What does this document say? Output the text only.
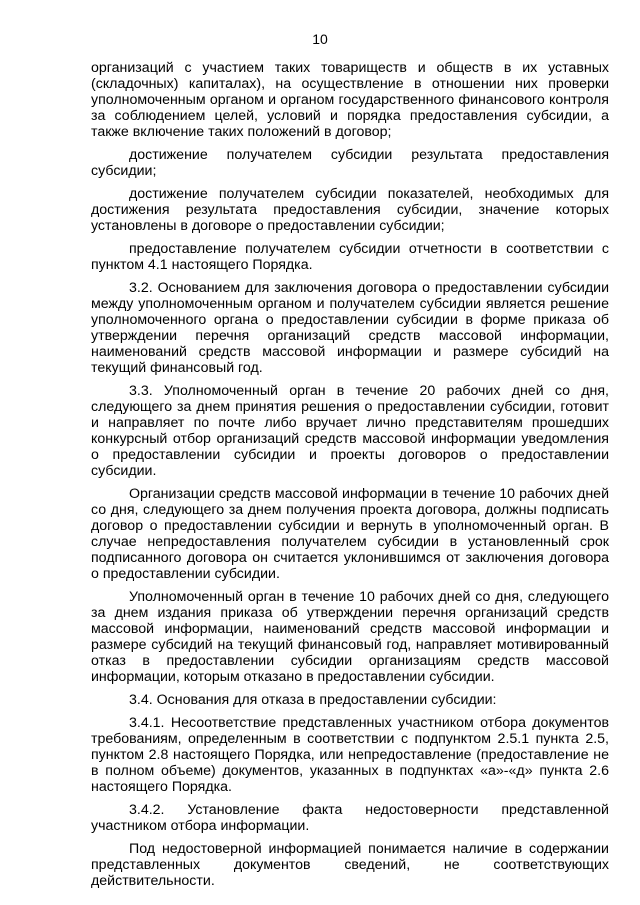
10

организаций с участием таких товариществ и обществ в их уставных (складочных) капиталах), на осуществление в отношении них проверки уполномоченным органом и органом государственного финансового контроля за соблюдением целей, условий и порядка предоставления субсидии, а также включение таких положений в договор;

достижение получателем субсидии результата предоставления субсидии;

достижение получателем субсидии показателей, необходимых для достижения результата предоставления субсидии, значение которых установлены в договоре о предоставлении субсидии;

предоставление получателем субсидии отчетности в соответствии с пунктом 4.1 настоящего Порядка.

3.2. Основанием для заключения договора о предоставлении субсидии между уполномоченным органом и получателем субсидии является решение уполномоченного органа о предоставлении субсидии в форме приказа об утверждении перечня организаций средств массовой информации, наименований средств массовой информации и размере субсидий на текущий финансовый год.

3.3. Уполномоченный орган в течение 20 рабочих дней со дня, следующего за днем принятия решения о предоставлении субсидии, готовит и направляет по почте либо вручает лично представителям прошедших конкурсный отбор организаций средств массовой информации уведомления о предоставлении субсидии и проекты договоров о предоставлении субсидии.

Организации средств массовой информации в течение 10 рабочих дней со дня, следующего за днем получения проекта договора, должны подписать договор о предоставлении субсидии и вернуть в уполномоченный орган. В случае непредоставления получателем субсидии в установленный срок подписанного договора он считается уклонившимся от заключения договора о предоставлении субсидии.

Уполномоченный орган в течение 10 рабочих дней со дня, следующего за днем издания приказа об утверждении перечня организаций средств массовой информации, наименований средств массовой информации и размере субсидий на текущий финансовый год, направляет мотивированный отказ в предоставлении субсидии организациям средств массовой информации, которым отказано в предоставлении субсидии.

3.4. Основания для отказа в предоставлении субсидии:

3.4.1. Несоответствие представленных участником отбора документов требованиям, определенным в соответствии с подпунктом 2.5.1 пункта 2.5, пунктом 2.8 настоящего Порядка, или непредоставление (предоставление не в полном объеме) документов, указанных в подпунктах «а»-«д» пункта 2.6 настоящего Порядка.

3.4.2. Установление факта недостоверности представленной участником отбора информации.

Под недостоверной информацией понимается наличие в содержании представленных документов сведений, не соответствующих действительности.
